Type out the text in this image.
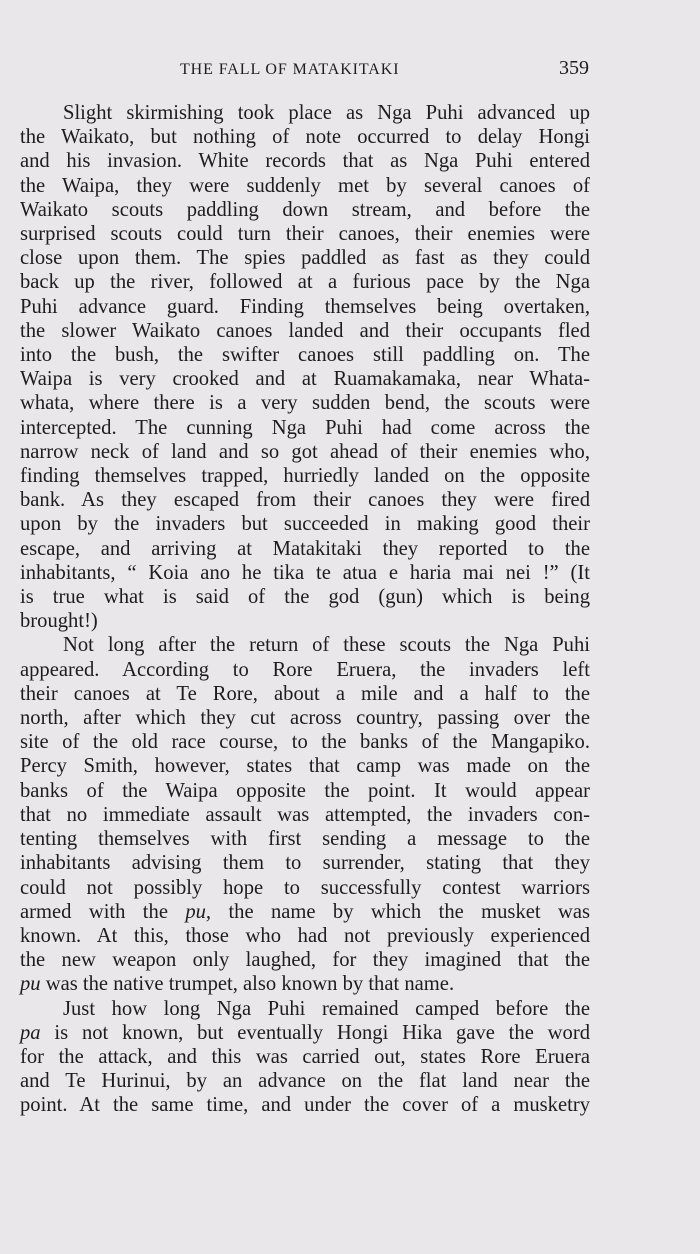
THE FALL OF MATAKITAKI	359
Slight skirmishing took place as Nga Puhi advanced up
the Waikato, but nothing of note occurred to delay Hongi
and his invasion. White records that as Nga Puhi entered
the Waipa, they were suddenly met by several canoes of
Waikato scouts paddling down stream, and before the
surprised scouts could turn their canoes, their enemies were
close upon them. The spies paddled as fast as they could
back up the river, followed at a furious pace by the Nga
Puhi advance guard. Finding themselves being overtaken,
the slower Waikato canoes landed and their occupants fled
into the bush, the swifter canoes still paddling on. The
Waipa is very crooked and at Ruamakamaka, near Whata-
whata, where there is a very sudden bend, the scouts were
intercepted. The cunning Nga Puhi had come across the
narrow neck of land and so got ahead of their enemies who,
finding themselves trapped, hurriedly landed on the opposite
bank. As they escaped from their canoes they were fired
upon by the invaders but succeeded in making good their
escape, and arriving at Matakitaki they reported to the
inhabitants, “ Koia ano he tika te atua e haria mai nei !” (It
is true what is said of the god (gun) which is being
brought!)
Not long after the return of these scouts the Nga Puhi
appeared. According to Rore Eruera, the invaders left
their canoes at Te Rore, about a mile and a half to the
north, after which they cut across country, passing over the
site of the old race course, to the banks of the Mangapiko.
Percy Smith, however, states that camp was made on the
banks of the Waipa opposite the point. It would appear
that no immediate assault was attempted, the invaders con-
tenting themselves with first sending a message to the
inhabitants advising them to surrender, stating that they
could not possibly hope to successfully contest warriors
armed with the pu, the name by which the musket was
known. At this, those who had not previously experienced
the new weapon only laughed, for they imagined that the
pu was the native trumpet, also known by that name.
Just how long Nga Puhi remained camped before the
pa is not known, but eventually Hongi Hika gave the word
for the attack, and this was carried out, states Rore Eruera
and Te Hurinui, by an advance on the flat land near the
point. At the same time, and under the cover of a musketry
